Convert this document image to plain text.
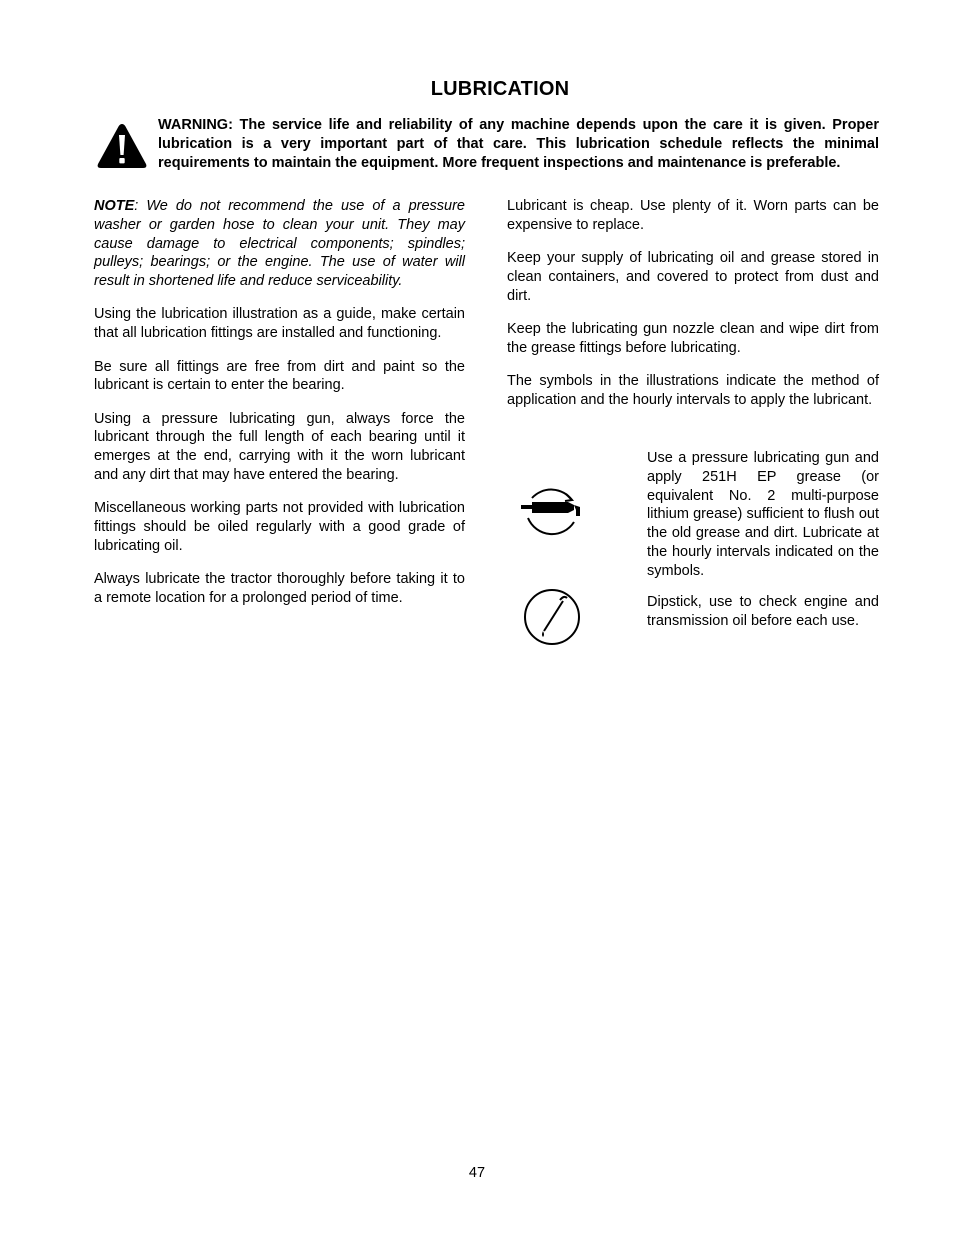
LUBRICATION

WARNING: The service life and reliability of any machine depends upon the care it is given. Proper lubrication is a very important part of that care. This lubrication schedule reflects the minimal requirements to maintain the equipment. More frequent inspections and maintenance is preferable.

NOTE: We do not recommend the use of a pressure washer or garden hose to clean your unit. They may cause damage to electrical components; spindles; pulleys; bearings; or the engine. The use of water will result in shortened life and reduce serviceability.

Using the lubrication illustration as a guide, make certain that all lubrication fittings are installed and functioning.

Be sure all fittings are free from dirt and paint so the lubricant is certain to enter the bearing.

Using a pressure lubricating gun, always force the lubricant through the full length of each bearing until it emerges at the end, carrying with it the worn lubricant and any dirt that may have entered the bearing.

Miscellaneous working parts not provided with lubrication fittings should be oiled regularly with a good grade of lubricating oil.

Always lubricate the tractor thoroughly before taking it to a remote location for a prolonged period of time.

Lubricant is cheap. Use plenty of it. Worn parts can be expensive to replace.

Keep your supply of lubricating oil and grease stored in clean containers, and covered to protect from dust and dirt.

Keep the lubricating gun nozzle clean and wipe dirt from the grease fittings before lubricating.

The symbols in the illustrations indicate the method of application and the hourly intervals to apply the lubricant.

Use a pressure lubricating gun and apply 251H EP grease (or equivalent No. 2 multi-purpose lithium grease) sufficient to flush out the old grease and dirt. Lubricate at the hourly intervals indicated on the symbols.

Dipstick, use to check engine and transmission oil before each use.

47
